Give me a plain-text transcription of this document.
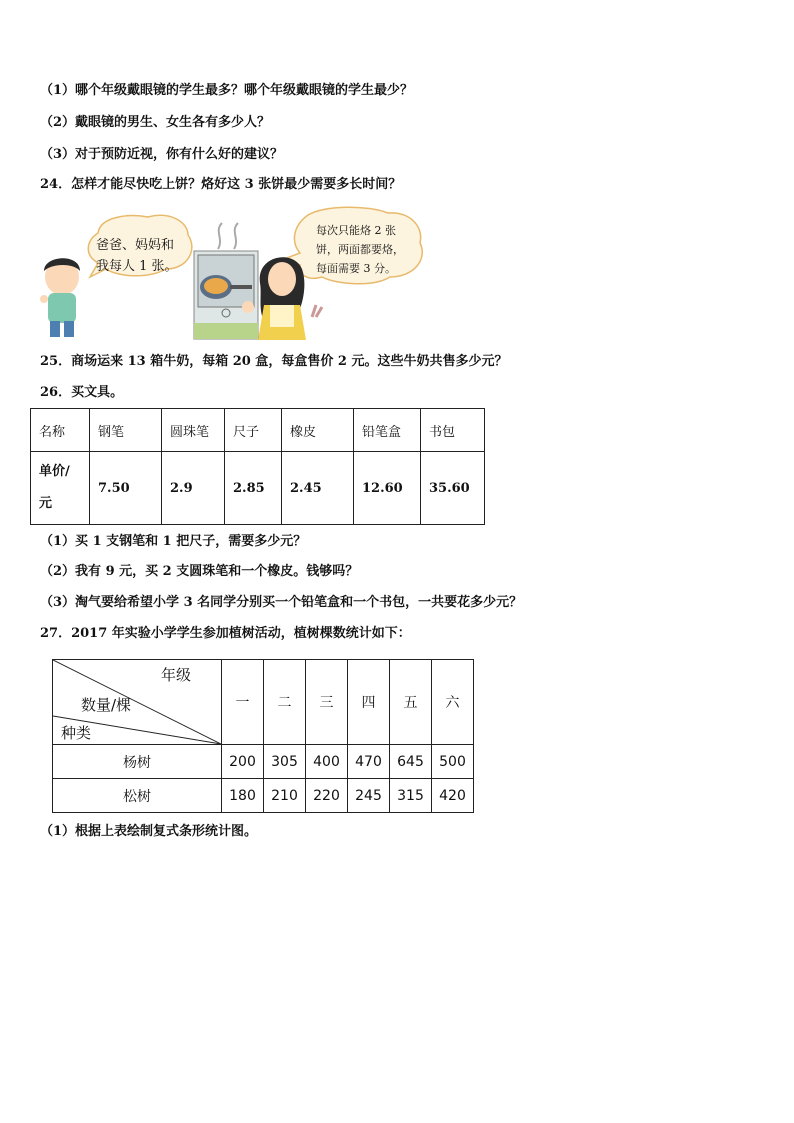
（1）哪个年级戴眼镜的学生最多？哪个年级戴眼镜的学生最少？
（2）戴眼镜的男生、女生各有多少人？
（3）对于预防近视，你有什么好的建议？
24．怎样才能尽快吃上饼？烙好这 3 张饼最少需要多长时间？
爸爸、妈妈和
我每人 1 张。
每次只能烙 2 张
饼，两面都要烙，
每面需要 3 分。
25．商场运来 13 箱牛奶，每箱 20 盒，每盒售价 2 元。这些牛奶共售多少元？
26．买文具。
名称	钢笔	圆珠笔	尺子	橡皮	铅笔盒	书包

单价/
元	7.50	2.9	2.85	2.45	12.60	35.60
（1）买 1 支钢笔和 1 把尺子，需要多少元？
（2）我有 9 元，买 2 支圆珠笔和一个橡皮。钱够吗？
（3）淘气要给希望小学 3 名同学分别买一个铅笔盒和一个书包，一共要花多少元？
27．2017 年实验小学学生参加植树活动，植树棵数统计如下：
年级
数量/棵
种类	一	二	三	四	五	六
杨树	200	305	400	470	645	500
松树	180	210	220	245	315	420
（1）根据上表绘制复式条形统计图。
